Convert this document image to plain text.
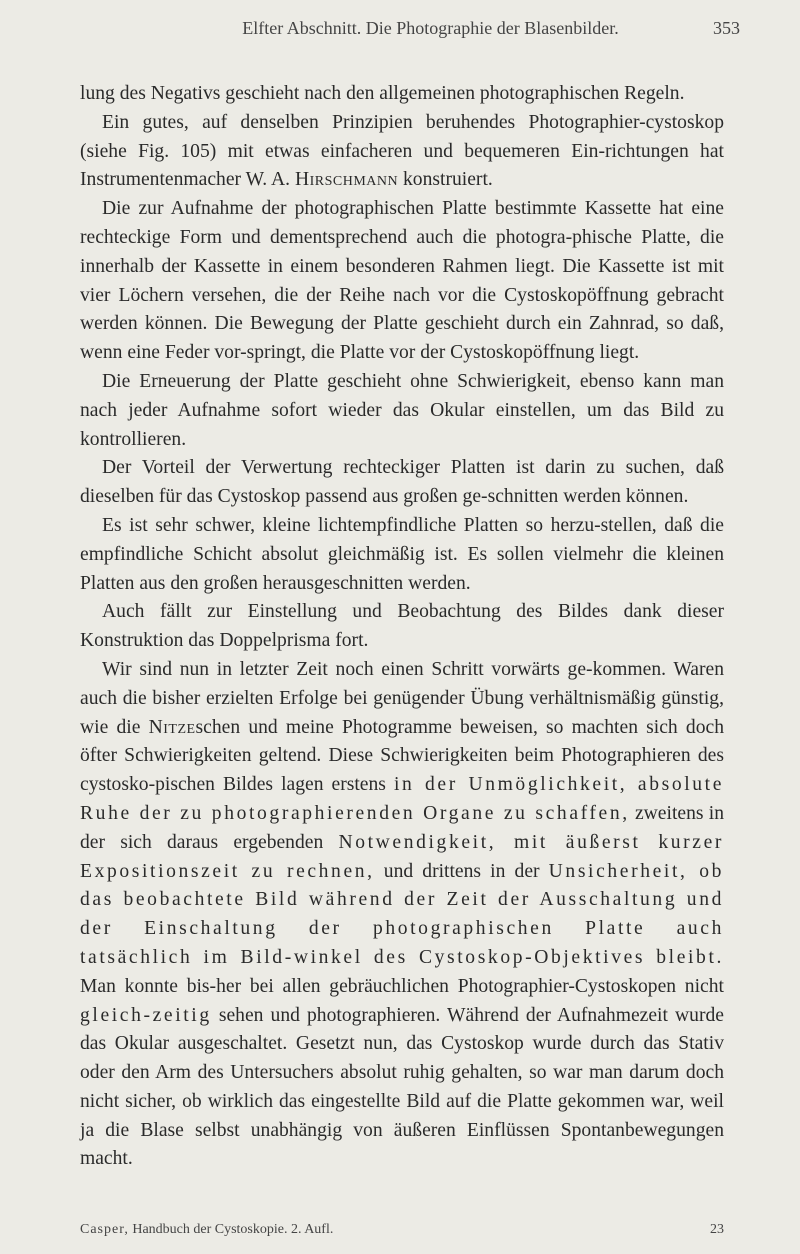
Elfter Abschnitt. Die Photographie der Blasenbilder.	353

lung des Negativs geschieht nach den allgemeinen photographischen Regeln.

Ein gutes, auf denselben Prinzipien beruhendes Photographier-cystoskop (siehe Fig. 105) mit etwas einfacheren und bequemeren Ein-richtungen hat Instrumentenmacher W. A. Hirschmann konstruiert.

Die zur Aufnahme der photographischen Platte bestimmte Kassette hat eine rechteckige Form und dementsprechend auch die photogra-phische Platte, die innerhalb der Kassette in einem besonderen Rahmen liegt. Die Kassette ist mit vier Löchern versehen, die der Reihe nach vor die Cystoskopöffnung gebracht werden können. Die Bewegung der Platte geschieht durch ein Zahnrad, so daß, wenn eine Feder vor-springt, die Platte vor der Cystoskopöffnung liegt.

Die Erneuerung der Platte geschieht ohne Schwierigkeit, ebenso kann man nach jeder Aufnahme sofort wieder das Okular einstellen, um das Bild zu kontrollieren.

Der Vorteil der Verwertung rechteckiger Platten ist darin zu suchen, daß dieselben für das Cystoskop passend aus großen ge-schnitten werden können.

Es ist sehr schwer, kleine lichtempfindliche Platten so herzu-stellen, daß die empfindliche Schicht absolut gleichmäßig ist. Es sollen vielmehr die kleinen Platten aus den großen herausgeschnitten werden.

Auch fällt zur Einstellung und Beobachtung des Bildes dank dieser Konstruktion das Doppelprisma fort.

Wir sind nun in letzter Zeit noch einen Schritt vorwärts ge-kommen. Waren auch die bisher erzielten Erfolge bei genügender Übung verhältnismäßig günstig, wie die Nitzeschen und meine Photogramme beweisen, so machten sich doch öfter Schwierigkeiten geltend. Diese Schwierigkeiten beim Photographieren des cystosko-pischen Bildes lagen erstens in der Unmöglichkeit, absolute Ruhe der zu photographierenden Organe zu schaffen, zweitens in der sich daraus ergebenden Notwendigkeit, mit äußerst kurzer Expositionszeit zu rechnen, und drittens in der Unsicherheit, ob das beobachtete Bild während der Zeit der Ausschaltung und der Einschaltung der photographischen Platte auch tatsächlich im Bild-winkel des Cystoskop-Objektives bleibt. Man konnte bis-her bei allen gebräuchlichen Photographier-Cystoskopen nicht gleich-zeitig sehen und photographieren. Während der Aufnahmezeit wurde das Okular ausgeschaltet. Gesetzt nun, das Cystoskop wurde durch das Stativ oder den Arm des Untersuchers absolut ruhig gehalten, so war man darum doch nicht sicher, ob wirklich das eingestellte Bild auf die Platte gekommen war, weil ja die Blase selbst unabhängig von äußeren Einflüssen Spontanbewegungen macht.

Casper, Handbuch der Cystoskopie. 2. Aufl.	23
